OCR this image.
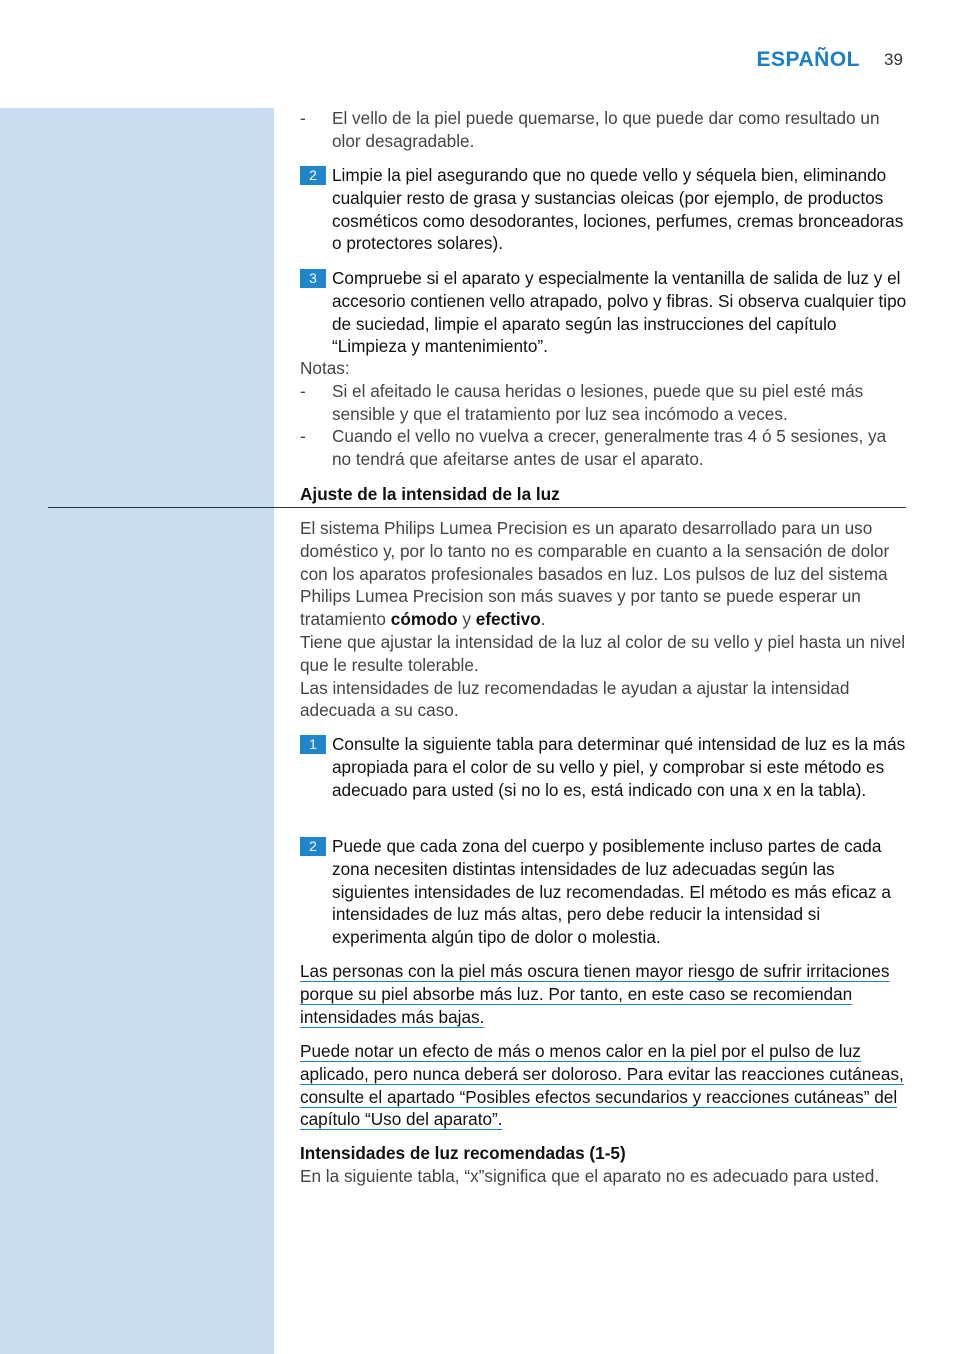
ESPAÑOL 39
- El vello de la piel puede quemarse, lo que puede dar como resultado un olor desagradable.
2 Limpie la piel asegurando que no quede vello y séquela bien, eliminando cualquier resto de grasa y sustancias oleicas (por ejemplo, de productos cosméticos como desodorantes, lociones, perfumes, cremas bronceadoras o protectores solares).
3 Compruebe si el aparato y especialmente la ventanilla de salida de luz y el accesorio contienen vello atrapado, polvo y fibras. Si observa cualquier tipo de suciedad, limpie el aparato según las instrucciones del capítulo “Limpieza y mantenimiento”.

Notas:

- Si el afeitado le causa heridas o lesiones, puede que su piel esté más sensible y que el tratamiento por luz sea incómodo a veces.
- Cuando el vello no vuelva a crecer, generalmente tras 4 ó 5 sesiones, ya no tendrá que afeitarse antes de usar el aparato.
Ajuste de la intensidad de la luz

El sistema Philips Lumea Precision es un aparato desarrollado para un uso doméstico y, por lo tanto no es comparable en cuanto a la sensación de dolor con los aparatos profesionales basados en luz. Los pulsos de luz del sistema Philips Lumea Precision son más suaves y por tanto se puede esperar un tratamiento cómodo y efectivo.

Tiene que ajustar la intensidad de la luz al color de su vello y piel hasta un nivel que le resulte tolerable.

Las intensidades de luz recomendadas le ayudan a ajustar la intensidad adecuada a su caso.

1 Consulte la siguiente tabla para determinar qué intensidad de luz es la más apropiada para el color de su vello y piel, y comprobar si este método es adecuado para usted (si no lo es, está indicado con una x en la tabla).
2 Puede que cada zona del cuerpo y posiblemente incluso partes de cada zona necesiten distintas intensidades de luz adecuadas según las siguientes intensidades de luz recomendadas. El método es más eficaz a intensidades de luz más altas, pero debe reducir la intensidad si experimenta algún tipo de dolor o molestia.
Las personas con la piel más oscura tienen mayor riesgo de sufrir irritaciones porque su piel absorbe más luz. Por tanto, en este caso se recomiendan intensidades más bajas.
Puede notar un efecto de más o menos calor en la piel por el pulso de luz aplicado, pero nunca deberá ser doloroso. Para evitar las reacciones cutáneas, consulte el apartado “Posibles efectos secundarios y reacciones cutáneas” del capítulo “Uso del aparato”.
Intensidades de luz recomendadas (1-5)
En la siguiente tabla, “x”significa que el aparato no es adecuado para usted.
